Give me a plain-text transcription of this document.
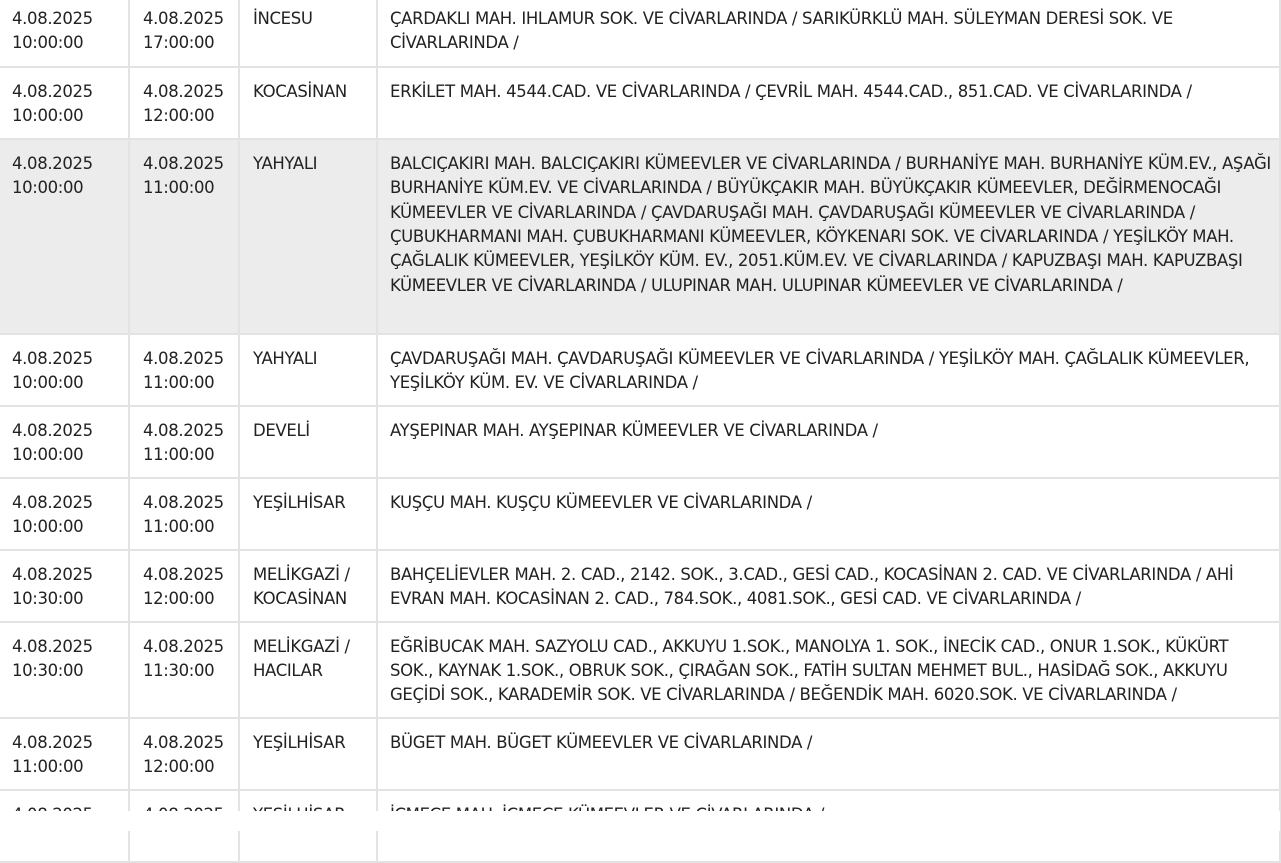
4.08.2025
10:00:00	4.08.2025
17:00:00	İNCESU	ÇARDAKLI MAH. IHLAMUR SOK. VE CİVARLARINDA / SARIKÜRKLÜ MAH. SÜLEYMAN DERESİ SOK. VE CİVARLARINDA /

4.08.2025
10:00:00	4.08.2025
12:00:00	KOCASİNAN	ERKİLET MAH. 4544.CAD. VE CİVARLARINDA / ÇEVRİL MAH. 4544.CAD., 851.CAD. VE CİVARLARINDA /

4.08.2025
10:00:00	4.08.2025
11:00:00	YAHYALI	BALCIÇAKIRI MAH. BALCIÇAKIRI KÜMEEVLER VE CİVARLARINDA / BURHANİYE MAH. BURHANİYE KÜM.EV., AŞAĞI BURHANİYE KÜM.EV. VE CİVARLARINDA / BÜYÜKÇAKIR MAH. BÜYÜKÇAKIR KÜMEEVLER, DEĞİRMENOCAĞI KÜMEEVLER VE CİVARLARINDA / ÇAVDARUŞAĞI MAH. ÇAVDARUŞAĞI KÜMEEVLER VE CİVARLARINDA / ÇUBUKHARMANI MAH. ÇUBUKHARMANI KÜMEEVLER, KÖYKENARI SOK. VE CİVARLARINDA / YEŞİLKÖY MAH. ÇAĞLALIK KÜMEEVLER, YEŞİLKÖY KÜM. EV., 2051.KÜM.EV. VE CİVARLARINDA / KAPUZBAŞI MAH. KAPUZBAŞI KÜMEEVLER VE CİVARLARINDA / ULUPINAR MAH. ULUPINAR KÜMEEVLER VE CİVARLARINDA /

4.08.2025
10:00:00	4.08.2025
11:00:00	YAHYALI	ÇAVDARUŞAĞI MAH. ÇAVDARUŞAĞI KÜMEEVLER VE CİVARLARINDA / YEŞİLKÖY MAH. ÇAĞLALIK KÜMEEVLER, YEŞİLKÖY KÜM. EV. VE CİVARLARINDA /

4.08.2025
10:00:00	4.08.2025
11:00:00	DEVELİ	AYŞEPINAR MAH. AYŞEPINAR KÜMEEVLER VE CİVARLARINDA /

4.08.2025
10:00:00	4.08.2025
11:00:00	YEŞİLHİSAR	KUŞÇU MAH. KUŞÇU KÜMEEVLER VE CİVARLARINDA /

4.08.2025
10:30:00	4.08.2025
12:00:00	MELİKGAZİ / KOCASİNAN	BAHÇELİEVLER MAH. 2. CAD., 2142. SOK., 3.CAD., GESİ CAD., KOCASİNAN 2. CAD. VE CİVARLARINDA / AHİ EVRAN MAH. KOCASİNAN 2. CAD., 784.SOK., 4081.SOK., GESİ CAD. VE CİVARLARINDA /

4.08.2025
10:30:00	4.08.2025
11:30:00	MELİKGAZİ / HACILAR	EĞRİBUCAK MAH. SAZYOLU CAD., AKKUYU 1.SOK., MANOLYA 1. SOK., İNECİK CAD., ONUR 1.SOK., KÜKÜRT SOK., KAYNAK 1.SOK., OBRUK SOK., ÇIRAĞAN SOK., FATİH SULTAN MEHMET BUL., HASİDAĞ SOK., AKKUYU GEÇİDİ SOK., KARADEMİR SOK. VE CİVARLARINDA / BEĞENDİK MAH. 6020.SOK. VE CİVARLARINDA /

4.08.2025
11:00:00	4.08.2025
12:00:00	YEŞİLHİSAR	BÜGET MAH. BÜGET KÜMEEVLER VE CİVARLARINDA /
